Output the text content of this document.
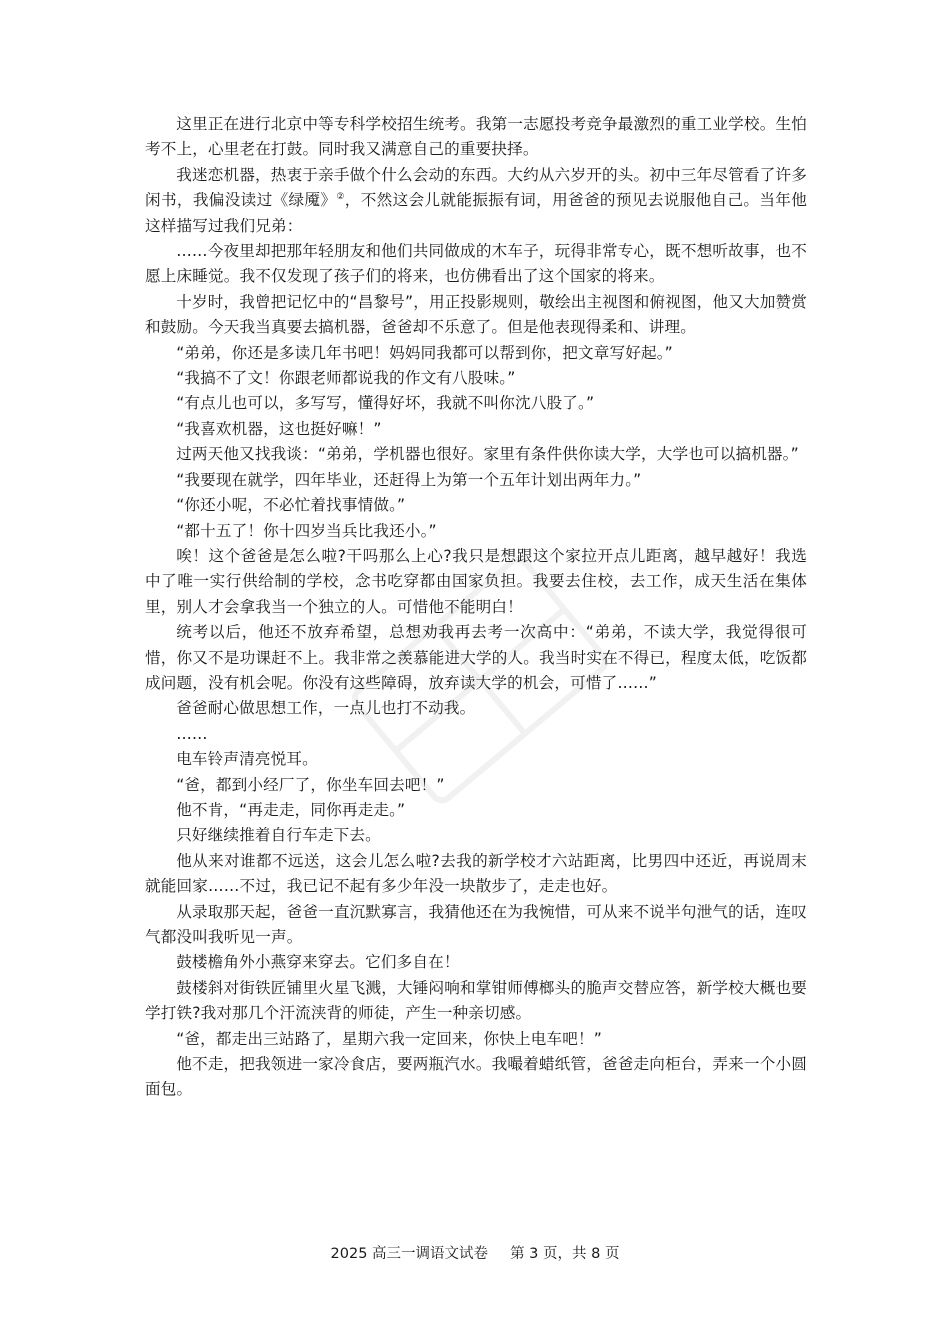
这里正在进行北京中等专科学校招生统考。我第一志愿投考竞争最激烈的重工业学校。生怕考不上，心里老在打鼓。同时我又满意自己的重要抉择。

我迷恋机器，热衷于亲手做个什么会动的东西。大约从六岁开的头。初中三年尽管看了许多闲书，我偏没读过《绿魇》②，不然这会儿就能振振有词，用爸爸的预见去说服他自己。当年他这样描写过我们兄弟：

……今夜里却把那年轻朋友和他们共同做成的木车子，玩得非常专心，既不想听故事，也不愿上床睡觉。我不仅发现了孩子们的将来，也仿佛看出了这个国家的将来。

十岁时，我曾把记忆中的“昌黎号”，用正投影规则，敬绘出主视图和俯视图，他又大加赞赏和鼓励。今天我当真要去搞机器，爸爸却不乐意了。但是他表现得柔和、讲理。

“弟弟，你还是多读几年书吧！妈妈同我都可以帮到你，把文章写好起。”

“我搞不了文！你跟老师都说我的作文有八股味。”

“有点儿也可以，多写写，懂得好坏，我就不叫你沈八股了。”

“我喜欢机器，这也挺好嘛！”

过两天他又找我谈：“弟弟，学机器也很好。家里有条件供你读大学，大学也可以搞机器。”

“我要现在就学，四年毕业，还赶得上为第一个五年计划出两年力。”

“你还小呢，不必忙着找事情做。”

“都十五了！你十四岁当兵比我还小。”

唉！这个爸爸是怎么啦?干吗那么上心?我只是想跟这个家拉开点儿距离，越早越好！我选中了唯一实行供给制的学校，念书吃穿都由国家负担。我要去住校，去工作，成天生活在集体里，别人才会拿我当一个独立的人。可惜他不能明白！

统考以后，他还不放弃希望，总想劝我再去考一次高中：“弟弟，不读大学，我觉得很可惜，你又不是功课赶不上。我非常之羡慕能进大学的人。我当时实在不得已，程度太低，吃饭都成问题，没有机会呢。你没有这些障碍，放弃读大学的机会，可惜了……”

爸爸耐心做思想工作，一点儿也打不动我。

……

电车铃声清亮悦耳。

“爸，都到小经厂了，你坐车回去吧！”

他不肯，“再走走，同你再走走。”

只好继续推着自行车走下去。

他从来对谁都不远送，这会儿怎么啦?去我的新学校才六站距离，比男四中还近，再说周末就能回家……不过，我已记不起有多少年没一块散步了，走走也好。

从录取那天起，爸爸一直沉默寡言，我猜他还在为我惋惜，可从来不说半句泄气的话，连叹气都没叫我听见一声。

鼓楼檐角外小燕穿来穿去。它们多自在！

鼓楼斜对街铁匠铺里火星飞溅，大锤闷响和掌钳师傅榔头的脆声交替应答，新学校大概也要学打铁?我对那几个汗流浃背的师徒，产生一种亲切感。

“爸，都走出三站路了，星期六我一定回来，你快上电车吧！”

他不走，把我领进一家冷食店，要两瓶汽水。我嘬着蜡纸管，爸爸走向柜台，弄来一个小圆面包。

2025 高三一调语文试卷 第 3 页，共 8 页
